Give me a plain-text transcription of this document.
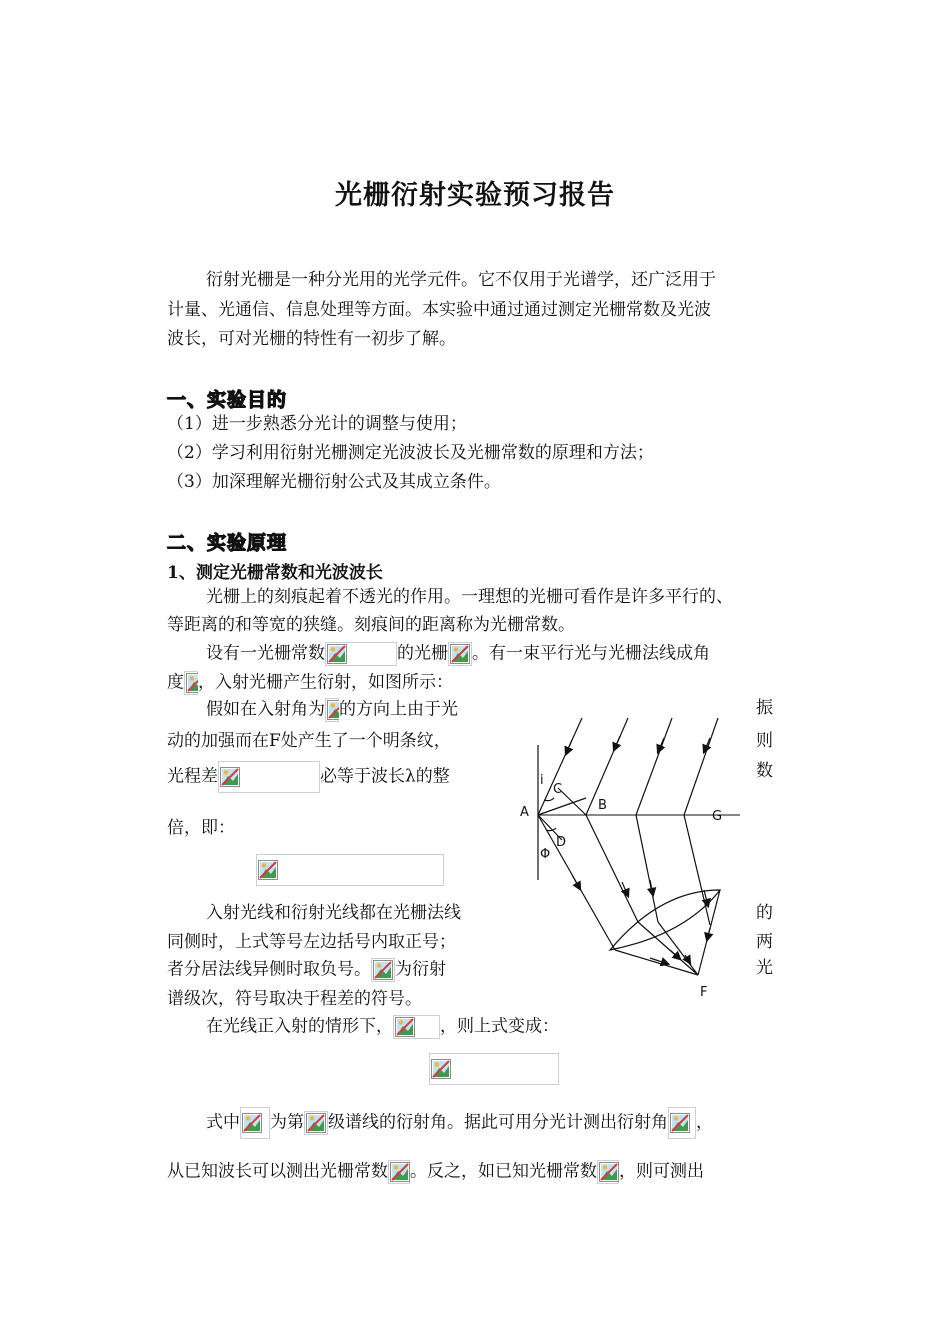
光栅衍射实验预习报告
衍射光栅是一种分光用的光学元件。它不仅用于光谱学，还广泛用于
计量、光通信、信息处理等方面。本实验中通过通过测定光栅常数及光波
波长，可对光栅的特性有一初步了解。
一、实验目的
（1）进一步熟悉分光计的调整与使用；
（2）学习利用衍射光栅测定光波波长及光栅常数的原理和方法；
（3）加深理解光栅衍射公式及其成立条件。
二、实验原理
1、测定光栅常数和光波波长
光栅上的刻痕起着不透光的作用。一理想的光栅可看作是许多平行的、
等距离的和等宽的狭缝。刻痕间的距离称为光栅常数。
设有一光栅常数	的光栅 。有一束平行光与光栅法线成角
度 ，入射光栅产生衍射，如图所示：
假如在入射角为 的方向上由于光	振
动的加强而在F处产生了一个明条纹，	则
光程差	必等于波长λ的整	数
倍，即：
入射光线和衍射光线都在光栅法线	的
同侧时，上式等号左边括号内取正号；	两
者分居法线异侧时取负号。 为衍射	光
谱级次，符号取决于程差的符号。
在光线正入射的情形下，	，则上式变成：
式中 为第 级谱线的衍射角。据此可用分光计测出衍射角 ，
从已知波长可以测出光栅常数 。反之，如已知光栅常数 ，则可测出
A	B
C
D
F
G
i
Φ
